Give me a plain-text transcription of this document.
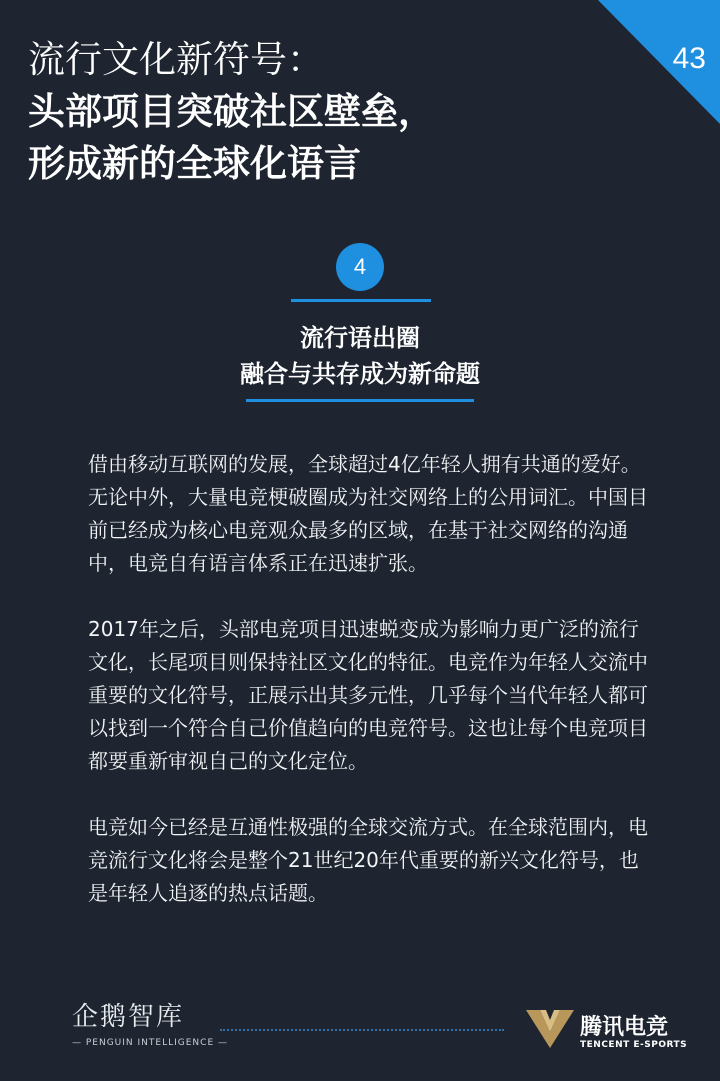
43
流行文化新符号：
头部项目突破社区壁垒，
形成新的全球化语言
4
流行语出圈
融合与共存成为新命题

借由移动互联网的发展，全球超过4亿年轻人拥有共通的爱好。无论中外，大量电竞梗破圈成为社交网络上的公用词汇。中国目前已经成为核心电竞观众最多的区域，在基于社交网络的沟通中，电竞自有语言体系正在迅速扩张。

2017年之后，头部电竞项目迅速蜕变成为影响力更广泛的流行文化，长尾项目则保持社区文化的特征。电竞作为年轻人交流中重要的文化符号，正展示出其多元性，几乎每个当代年轻人都可以找到一个符合自己价值趋向的电竞符号。这也让每个电竞项目都要重新审视自己的文化定位。

电竞如今已经是互通性极强的全球交流方式。在全球范围内，电竞流行文化将会是整个21世纪20年代重要的新兴文化符号，也是年轻人追逐的热点话题。

企鹅智库
— PENGUIN INTELLIGENCE —
腾讯电竞
TENCENT E-SPORTS
